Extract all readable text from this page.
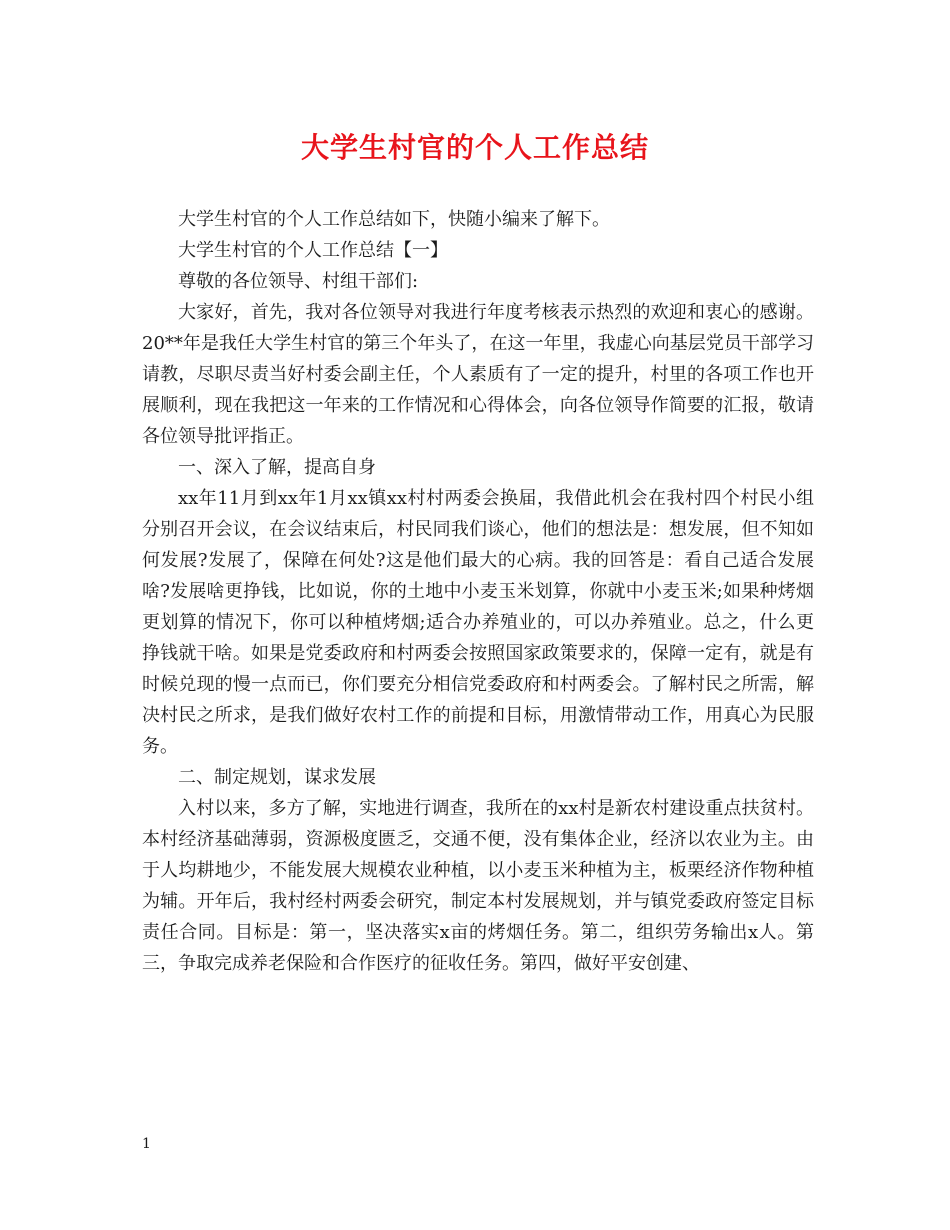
大学生村官的个人工作总结

大学生村官的个人工作总结如下，快随小编来了解下。

大学生村官的个人工作总结【一】

尊敬的各位领导、村组干部们:

大家好，首先，我对各位领导对我进行年度考核表示热烈的欢迎和衷心的感谢。20**年是我任大学生村官的第三个年头了，在这一年里，我虚心向基层党员干部学习请教，尽职尽责当好村委会副主任，个人素质有了一定的提升，村里的各项工作也开展顺利，现在我把这一年来的工作情况和心得体会，向各位领导作简要的汇报，敬请各位领导批评指正。

一、深入了解，提高自身

xx年11月到xx年1月xx镇xx村村两委会换届，我借此机会在我村四个村民小组分别召开会议，在会议结束后，村民同我们谈心，他们的想法是：想发展，但不知如何发展?发展了，保障在何处?这是他们最大的心病。我的回答是：看自己适合发展啥?发展啥更挣钱，比如说，你的土地中小麦玉米划算，你就中小麦玉米;如果种烤烟更划算的情况下，你可以种植烤烟;适合办养殖业的，可以办养殖业。总之，什么更挣钱就干啥。如果是党委政府和村两委会按照国家政策要求的，保障一定有，就是有时候兑现的慢一点而已，你们要充分相信党委政府和村两委会。了解村民之所需，解决村民之所求，是我们做好农村工作的前提和目标，用激情带动工作，用真心为民服务。

二、制定规划，谋求发展

入村以来，多方了解，实地进行调查，我所在的xx村是新农村建设重点扶贫村。本村经济基础薄弱，资源极度匮乏，交通不便，没有集体企业，经济以农业为主。由于人均耕地少，不能发展大规模农业种植，以小麦玉米种植为主，板栗经济作物种植为辅。开年后，我村经村两委会研究，制定本村发展规划，并与镇党委政府签定目标责任合同。目标是：第一，坚决落实x亩的烤烟任务。第二，组织劳务输出x人。第三，争取完成养老保险和合作医疗的征收任务。第四，做好平安创建、

1
